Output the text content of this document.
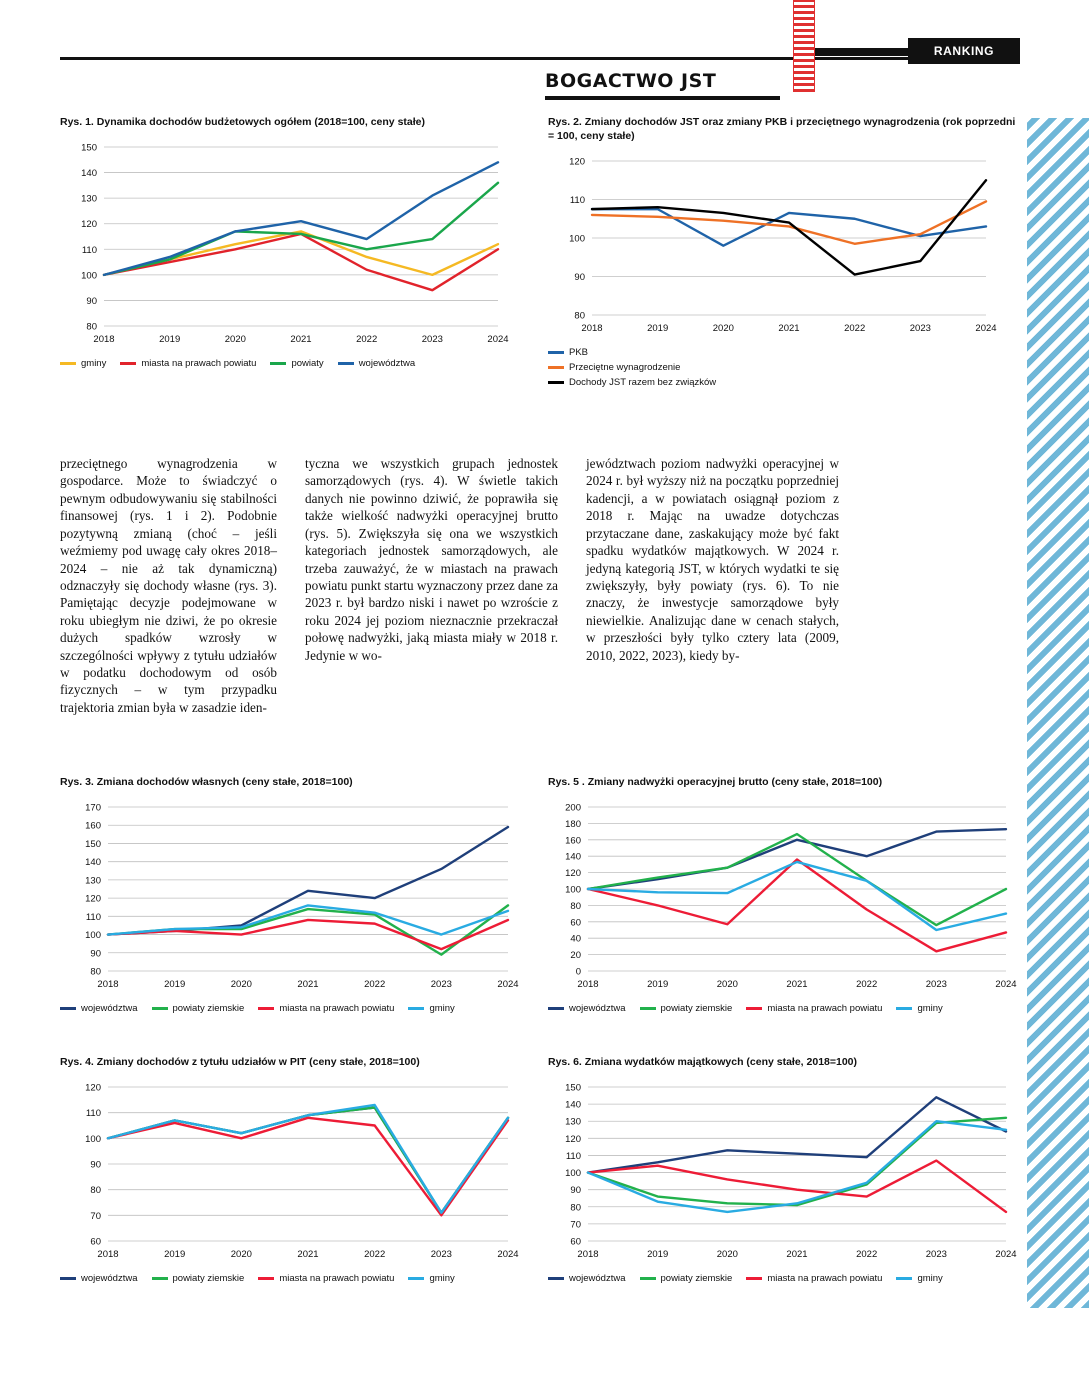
RANKING
BOGACTWO JST
Rys. 1. Dynamika dochodów budżetowych ogółem (2018=100, ceny stałe)
80
90
100
110
120
130
140
150
2018	2019	2020	2021	2022	2023	2024
gminy	miasta na prawach powiatu	powiaty	województwa
Rys. 2. Zmiany dochodów JST oraz zmiany PKB i przeciętnego wynagrodzenia (rok poprzedni = 100, ceny stałe)
80
90
100
110
120
2018	2019	2020	2021	2022	2023	2024
PKB
Przeciętne wynagrodzenie
Dochody JST razem bez związków
Rys. 3. Zmiana dochodów własnych (ceny stałe, 2018=100)
80
90
100
110
120
130
140
150
160
170
2018	2019	2020	2021	2022	2023	2024
województwa	powiaty ziemskie	miasta na prawach powiatu	gminy
Rys. 5 . Zmiany nadwyżki operacyjnej brutto (ceny stałe, 2018=100)
0
20
40
60
80
100
120
140
160
180
200
2018	2019	2020	2021	2022	2023	2024
województwa	powiaty ziemskie	miasta na prawach powiatu	gminy
Rys. 4. Zmiany dochodów z tytułu udziałów w PIT (ceny stałe, 2018=100)
60
70
80
90
100
110
120
2018	2019	2020	2021	2022	2023	2024
województwa	powiaty ziemskie	miasta na prawach powiatu	gminy
Rys. 6. Zmiana wydatków majątkowych (ceny stałe, 2018=100)
60
70
80
90
100
110
120
130
140
150
2018	2019	2020	2021	2022	2023	2024
województwa	powiaty ziemskie	miasta na prawach powiatu	gminy
przeciętnego wynagrodzenia w gospodarce. Może to świadczyć o pewnym odbudowywaniu się stabilności finansowej (rys. 1 i 2). Podobnie pozytywną zmianą (choć – jeśli weźmiemy pod uwagę cały okres 2018–2024 – nie aż tak dynamiczną) odznaczyły się dochody własne (rys. 3). Pamiętając decyzje podejmowane w roku ubiegłym nie dziwi, że po okresie dużych spadków wzrosły w szczególności wpływy z tytułu udziałów w podatku dochodowym od osób fizycznych – w tym przypadku trajektoria zmian była w zasadzie iden-
tyczna we wszystkich grupach jednostek samorządowych (rys. 4). W świetle takich danych nie powinno dziwić, że poprawiła się także wielkość nadwyżki operacyjnej brutto (rys. 5). Zwiększyła się ona we wszystkich kategoriach jednostek samorządowych, ale trzeba zauważyć, że w miastach na prawach powiatu punkt startu wyznaczony przez dane za 2023 r. był bardzo niski i nawet po wzroście z roku 2024 jej poziom nieznacznie przekraczał połowę nadwyżki, jaką miasta miały w 2018 r. Jedynie w wo-
jewództwach poziom nadwyżki operacyjnej w 2024 r. był wyższy niż na początku poprzedniej kadencji, a w powiatach osiągnął poziom z 2018 r. Mając na uwadze dotychczas przytaczane dane, zaskakujący może być fakt spadku wydatków majątkowych. W 2024 r. jedyną kategorią JST, w których wydatki te się zwiększyły, były powiaty (rys. 6). To nie znaczy, że inwestycje samorządowe były niewielkie. Analizując dane w cenach stałych, w przeszłości były tylko cztery lata (2009, 2010, 2022, 2023), kiedy by-
